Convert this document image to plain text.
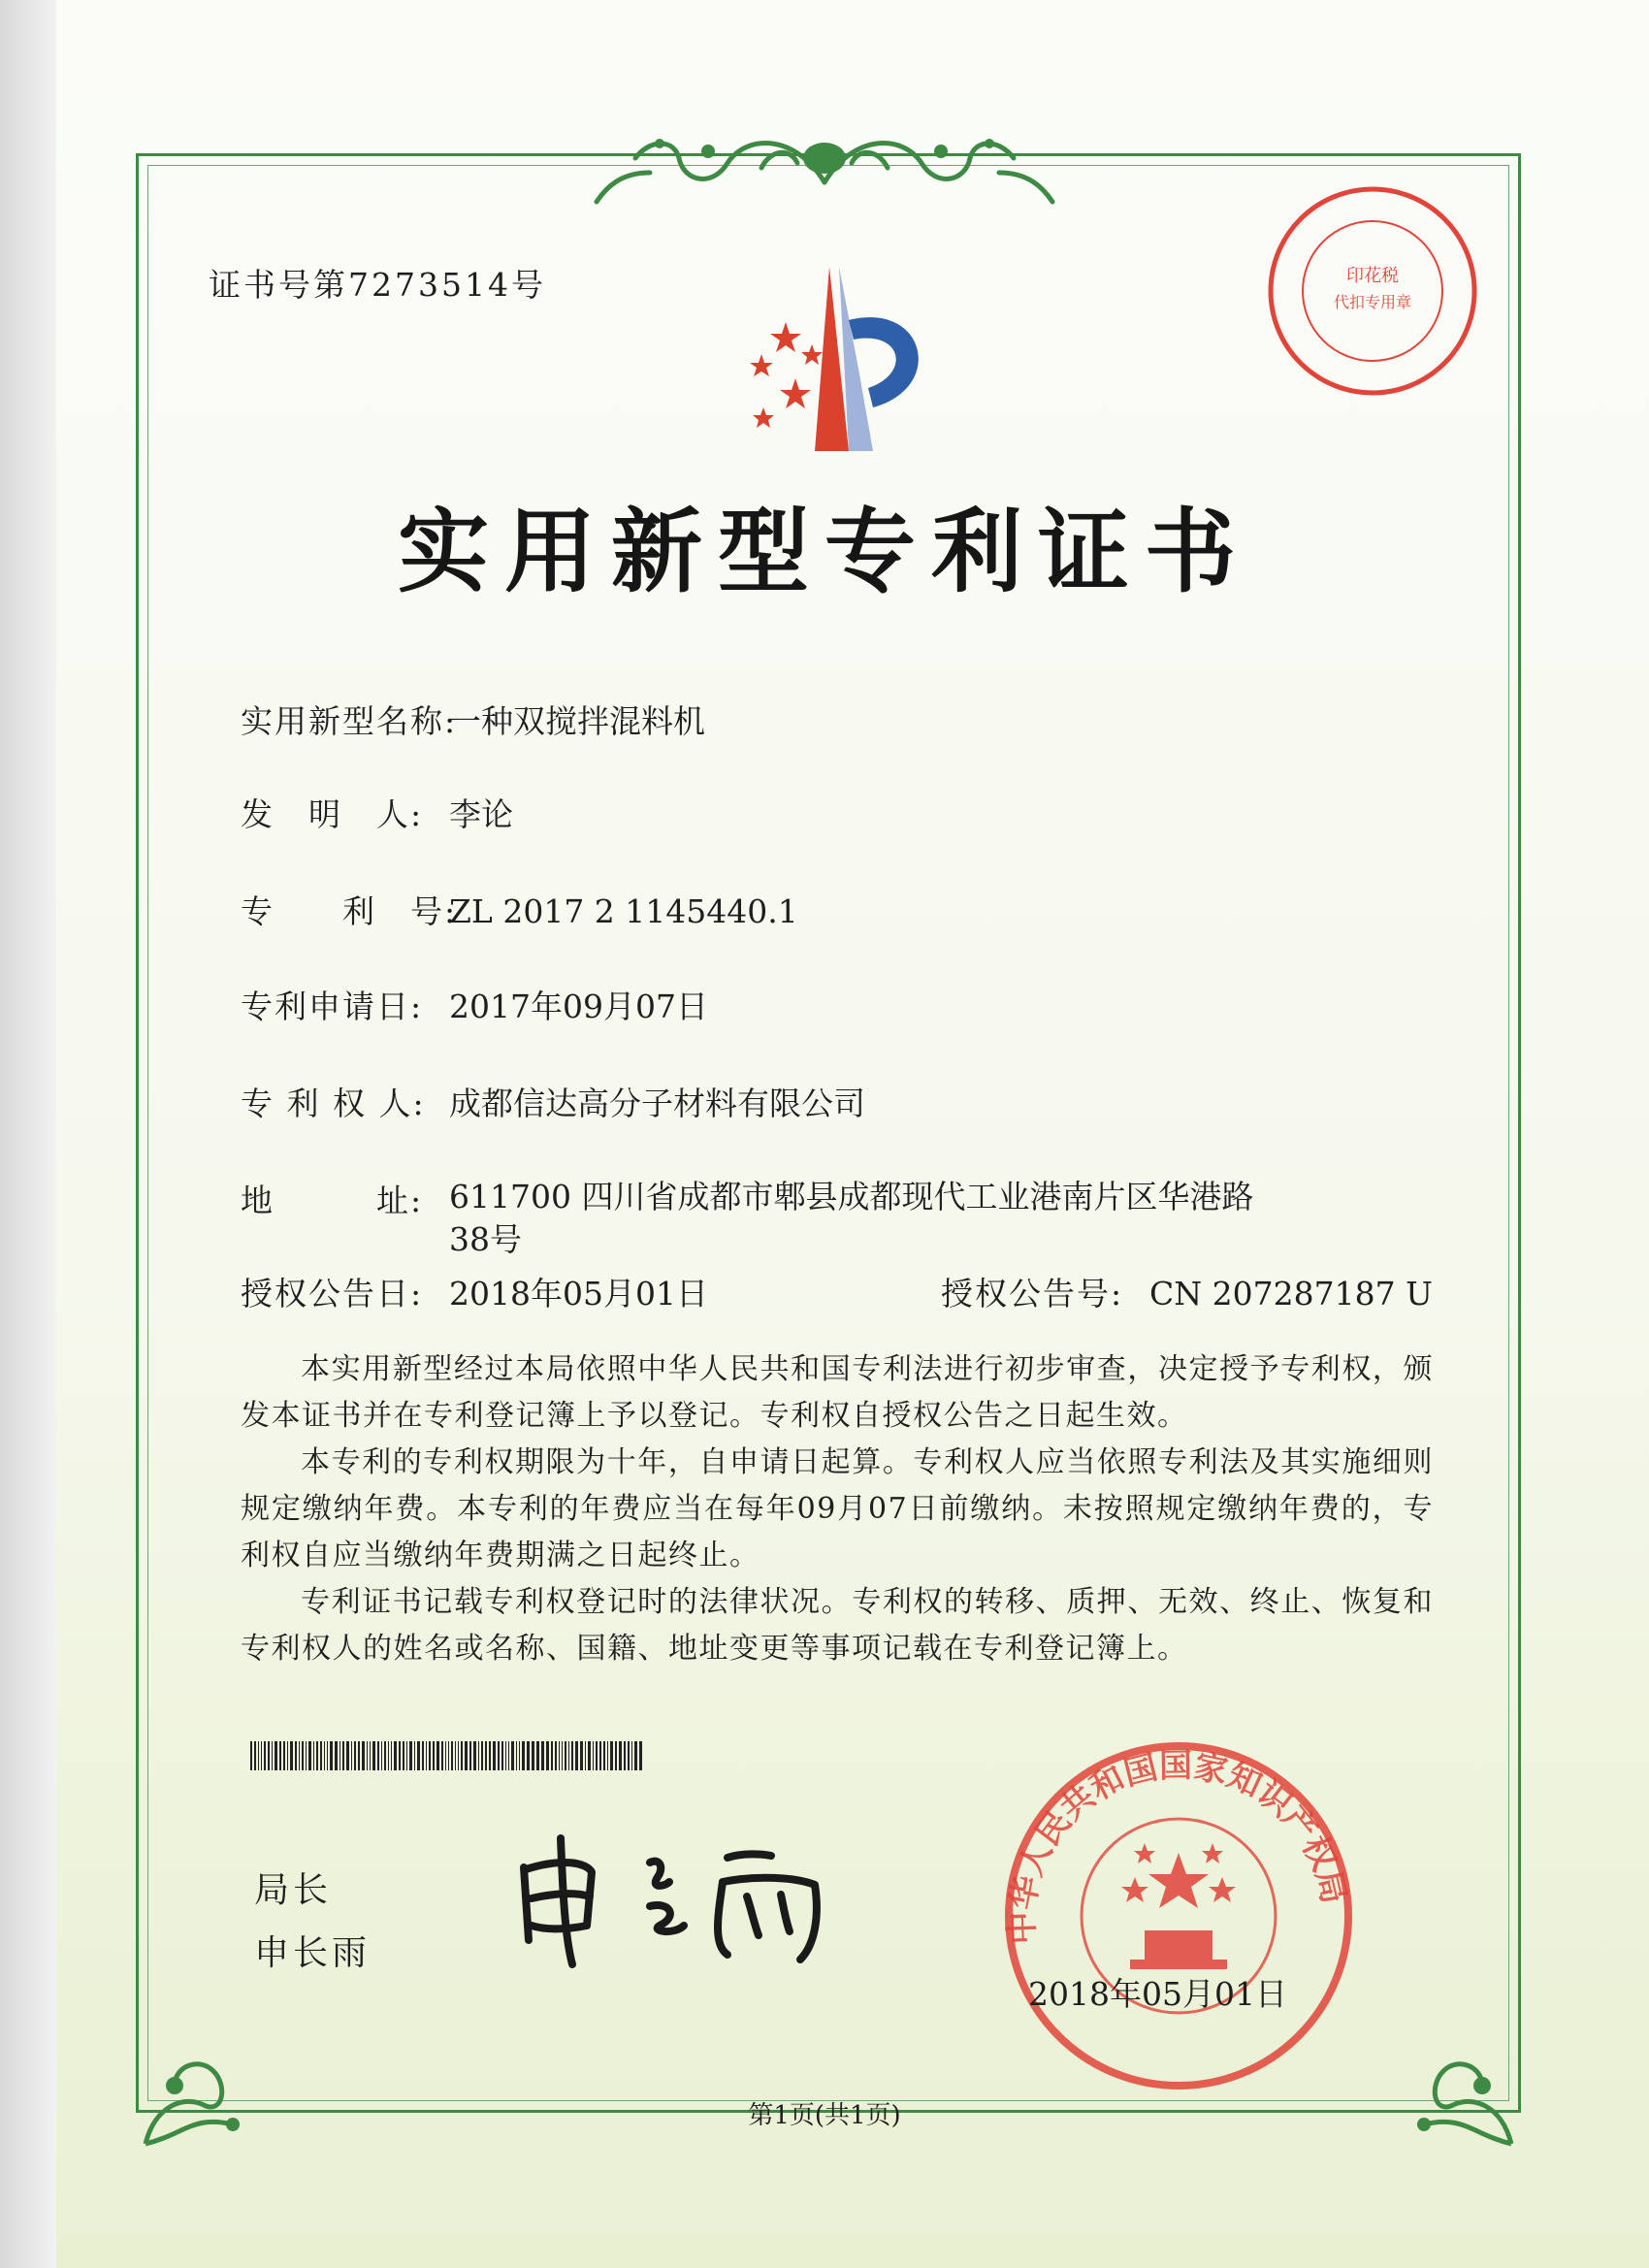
证书号第7273514号	印花税
代扣专用章
实用新型专利证书
实用新型名称:一种双搅拌混料机
发　明　人: 李论
专　　利　号:ZL 2017 2 1145440.1
专利申请日: 2017年09月07日
专 利 权 人: 成都信达高分子材料有限公司
地　　　址: 611700 四川省成都市郫县成都现代工业港南片区华港路38号
授权公告日: 2018年05月01日	授权公告号: CN 207287187 U

本实用新型经过本局依照中华人民共和国专利法进行初步审查，决定授予专利权，颁发本证书并在专利登记簿上予以登记。专利权自授权公告之日起生效。

本专利的专利权期限为十年，自申请日起算。专利权人应当依照专利法及其实施细则规定缴纳年费。本专利的年费应当在每年09月07日前缴纳。未按照规定缴纳年费的，专利权自应当缴纳年费期满之日起终止。

专利证书记载专利权登记时的法律状况。专利权的转移、质押、无效、终止、恢复和专利权人的姓名或名称、国籍、地址变更等事项记载在专利登记簿上。

局长
申长雨
中华人民共和国国家知识产权局
2018年05月01日
第1页(共1页)
